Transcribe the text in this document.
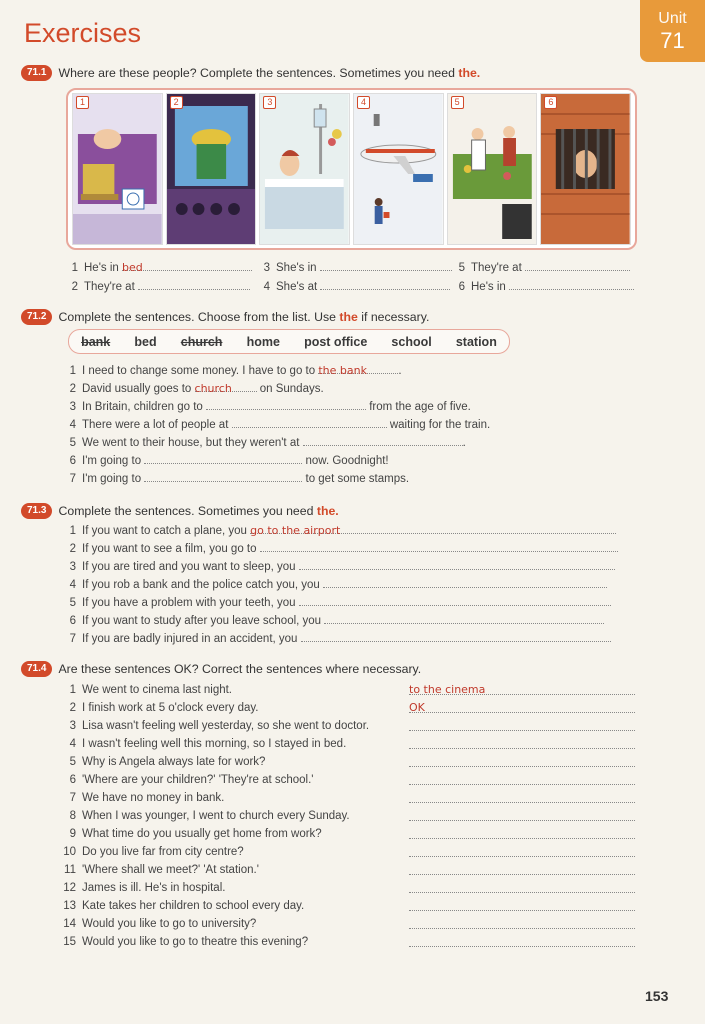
Exercises	Unit
71
71.1 Where are these people? Complete the sentences. Sometimes you need the.
1	2	3	4	5	6
1 He's in
bed
2 They're at

3 She's in

4 She's at

5 They're at

6 He's in

71.2 Complete the sentences. Choose from the list. Use the if necessary.
bank bed church home post office school station
1 I need to change some money. I have to go to
the bank	.
2 David usually goes to
church
	on Sundays.
3 In Britain, children go to

	from the age of five.
4 There were a lot of people at

	waiting for the train.
5 We went to their house, but they weren't at
	.
6 I'm going to

	now. Goodnight!
7 I'm going to

	to get some stamps.
71.3 Complete the sentences. Sometimes you need the.
1 If you want to catch a plane, you
go to the airport
2 If you want to see a film, you go to

3 If you are tired and you want to sleep, you

4 If you rob a bank and the police catch you, you

5 If you have a problem with your teeth, you

6 If you want to study after you leave school, you

7 If you are badly injured in an accident, you

71.4 Are these sentences OK? Correct the sentences where necessary.
1 We went to cinema last night.	to the cinema
2 I finish work at 5 o'clock every day.	OK
3 Lisa wasn't feeling well yesterday, so she went to doctor.
4 I wasn't feeling well this morning, so I stayed in bed.
5 Why is Angela always late for work?
6 'Where are your children?' 'They're at school.'
7 We have no money in bank.
8 When I was younger, I went to church every Sunday.
9 What time do you usually get home from work?
10 Do you live far from city centre?
11 'Where shall we meet?' 'At station.'
12 James is ill. He's in hospital.
13 Kate takes her children to school every day.
14 Would you like to go to university?
15 Would you like to go to theatre this evening?
153
